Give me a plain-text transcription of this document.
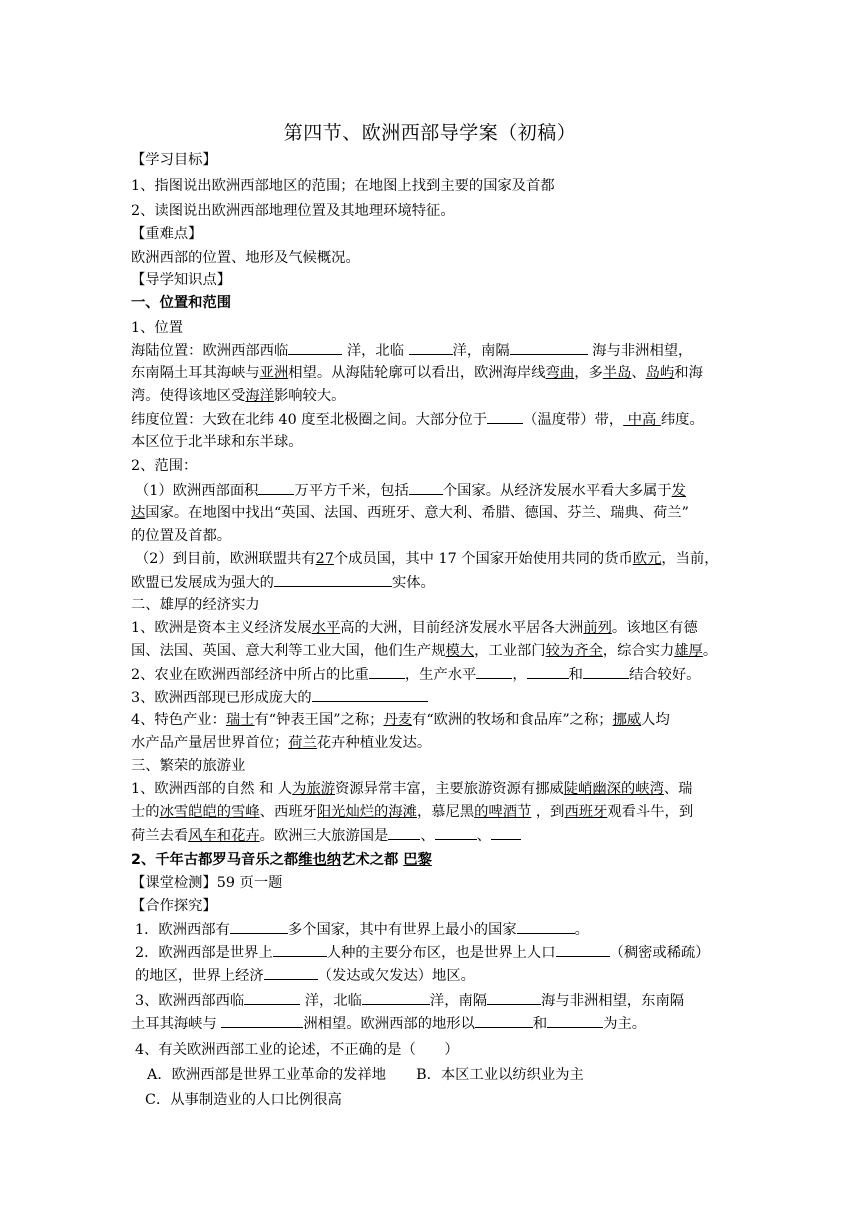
第四节、欧洲西部导学案（初稿）
【学习目标】
1、指图说出欧洲西部地区的范围；在地图上找到主要的国家及首都
2、读图说出欧洲西部地理位置及其地理环境特征。
【重难点】
欧洲西部的位置、地形及气候概况。
【导学知识点】
一、位置和范围
1、位置
海陆位置：欧洲西部西临	洋，北临	洋，南隔	海与非洲相望，
东南隔土耳其海峡与亚洲相望。从海陆轮廓可以看出，欧洲海岸线弯曲，多半岛、岛屿和海
湾。使得该地区受海洋影响较大。
纬度位置：大致在北纬 40 度至北极圈之间。大部分位于	（温度带）带， 中高 纬度。
本区位于北半球和东半球。
2、范围：
（1）欧洲西部面积	万平方千米，包括 个国家。从经济发展水平看大多属于发
达国家。在地图中找出“英国、法国、西班牙、意大利、希腊、德国、芬兰、瑞典、荷兰”
的位置及首都。
（2）到目前，欧洲联盟共有27个成员国，其中 17 个国家开始使用共同的货币欧元，当前，
欧盟已发展成为强大的	实体。
二、雄厚的经济实力
1、欧洲是资本主义经济发展水平高的大洲，目前经济发展水平居各大洲前列。该地区有德
国、法国、英国、意大利等工业大国，他们生产规模大，工业部门较为齐全，综合实力雄厚。
2、农业在欧洲西部经济中所占的比重	，生产水平	，	和	结合较好。
3、欧洲西部现已形成庞大的
4、特色产业：瑞士有“钟表王国”之称；丹麦有“欧洲的牧场和食品库”之称；挪威人均
水产品产量居世界首位；荷兰花卉种植业发达。
三、繁荣的旅游业
1、欧洲西部的自然 和 人为旅游资源异常丰富，主要旅游资源有挪威陡峭幽深的峡湾、瑞
士的冰雪皑皑的雪峰、西班牙阳光灿烂的海滩，慕尼黑的啤酒节 ，到西班牙观看斗牛，到
荷兰去看风车和花卉。欧洲三大旅游国是 、	、
2、千年古都罗马音乐之都维也纳艺术之都 巴黎
【课堂检测】59 页一题
【合作探究】
1．欧洲西部有	多个国家，其中有世界上最小的国家	。
2．欧洲西部是世界上	人种的主要分布区，也是世界上人口	（稠密或稀疏）
的地区，世界上经济	（发达或欠发达）地区。
3、欧洲西部西临	洋，北临	洋，南隔	海与非洲相望，东南隔
土耳其海峡与	洲相望。欧洲西部的地形以	和	为主。
4、有关欧洲西部工业的论述，不正确的是（　　）
A．欧洲西部是世界工业革命的发祥地 B．本区工业以纺织业为主
C．从事制造业的人口比例很高
